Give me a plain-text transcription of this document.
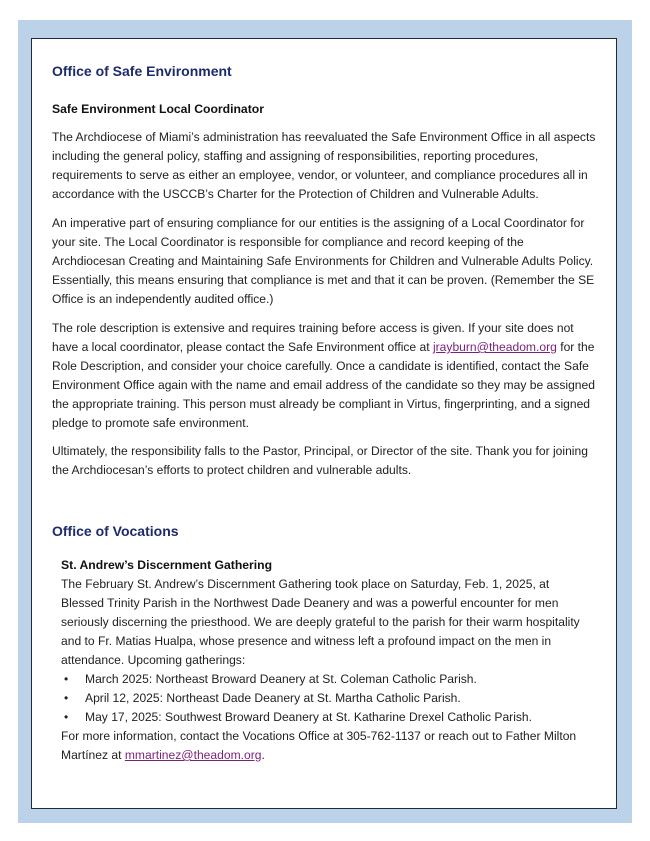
Office of Safe Environment
Safe Environment Local Coordinator

The Archdiocese of Miami’s administration has reevaluated the Safe Environment Office in all aspects including the general policy, staffing and assigning of responsibilities, reporting procedures, requirements to serve as either an employee, vendor, or volunteer, and compliance procedures all in accordance with the USCCB’s Charter for the Protection of Children and Vulnerable Adults.

An imperative part of ensuring compliance for our entities is the assigning of a Local Coordinator for your site. The Local Coordinator is responsible for compliance and record keeping of the Archdiocesan Creating and Maintaining Safe Environments for Children and Vulnerable Adults Policy. Essentially, this means ensuring that compliance is met and that it can be proven. (Remember the SE Office is an independently audited office.)

The role description is extensive and requires training before access is given. If your site does not have a local coordinator, please contact the Safe Environment office at jrayburn@theadom.org for the Role Description, and consider your choice carefully. Once a candidate is identified, contact the Safe Environment Office again with the name and email address of the candidate so they may be assigned the appropriate training. This person must already be compliant in Virtus, fingerprinting, and a signed pledge to promote safe environment.

Ultimately, the responsibility falls to the Pastor, Principal, or Director of the site. Thank you for joining the Archdiocesan’s efforts to protect children and vulnerable adults.

Office of Vocations
St. Andrew’s Discernment Gathering

The February St. Andrew’s Discernment Gathering took place on Saturday, Feb. 1, 2025, at Blessed Trinity Parish in the Northwest Dade Deanery and was a powerful encounter for men seriously discerning the priesthood. We are deeply grateful to the parish for their warm hospitality and to Fr. Matias Hualpa, whose presence and witness left a profound impact on the men in attendance. Upcoming gatherings:

• March 2025: Northeast Broward Deanery at St. Coleman Catholic Parish.
• April 12, 2025: Northeast Dade Deanery at St. Martha Catholic Parish.
• May 17, 2025: Southwest Broward Deanery at St. Katharine Drexel Catholic Parish.

For more information, contact the Vocations Office at 305-762-1137 or reach out to Father Milton Martínez at mmartinez@theadom.org.
